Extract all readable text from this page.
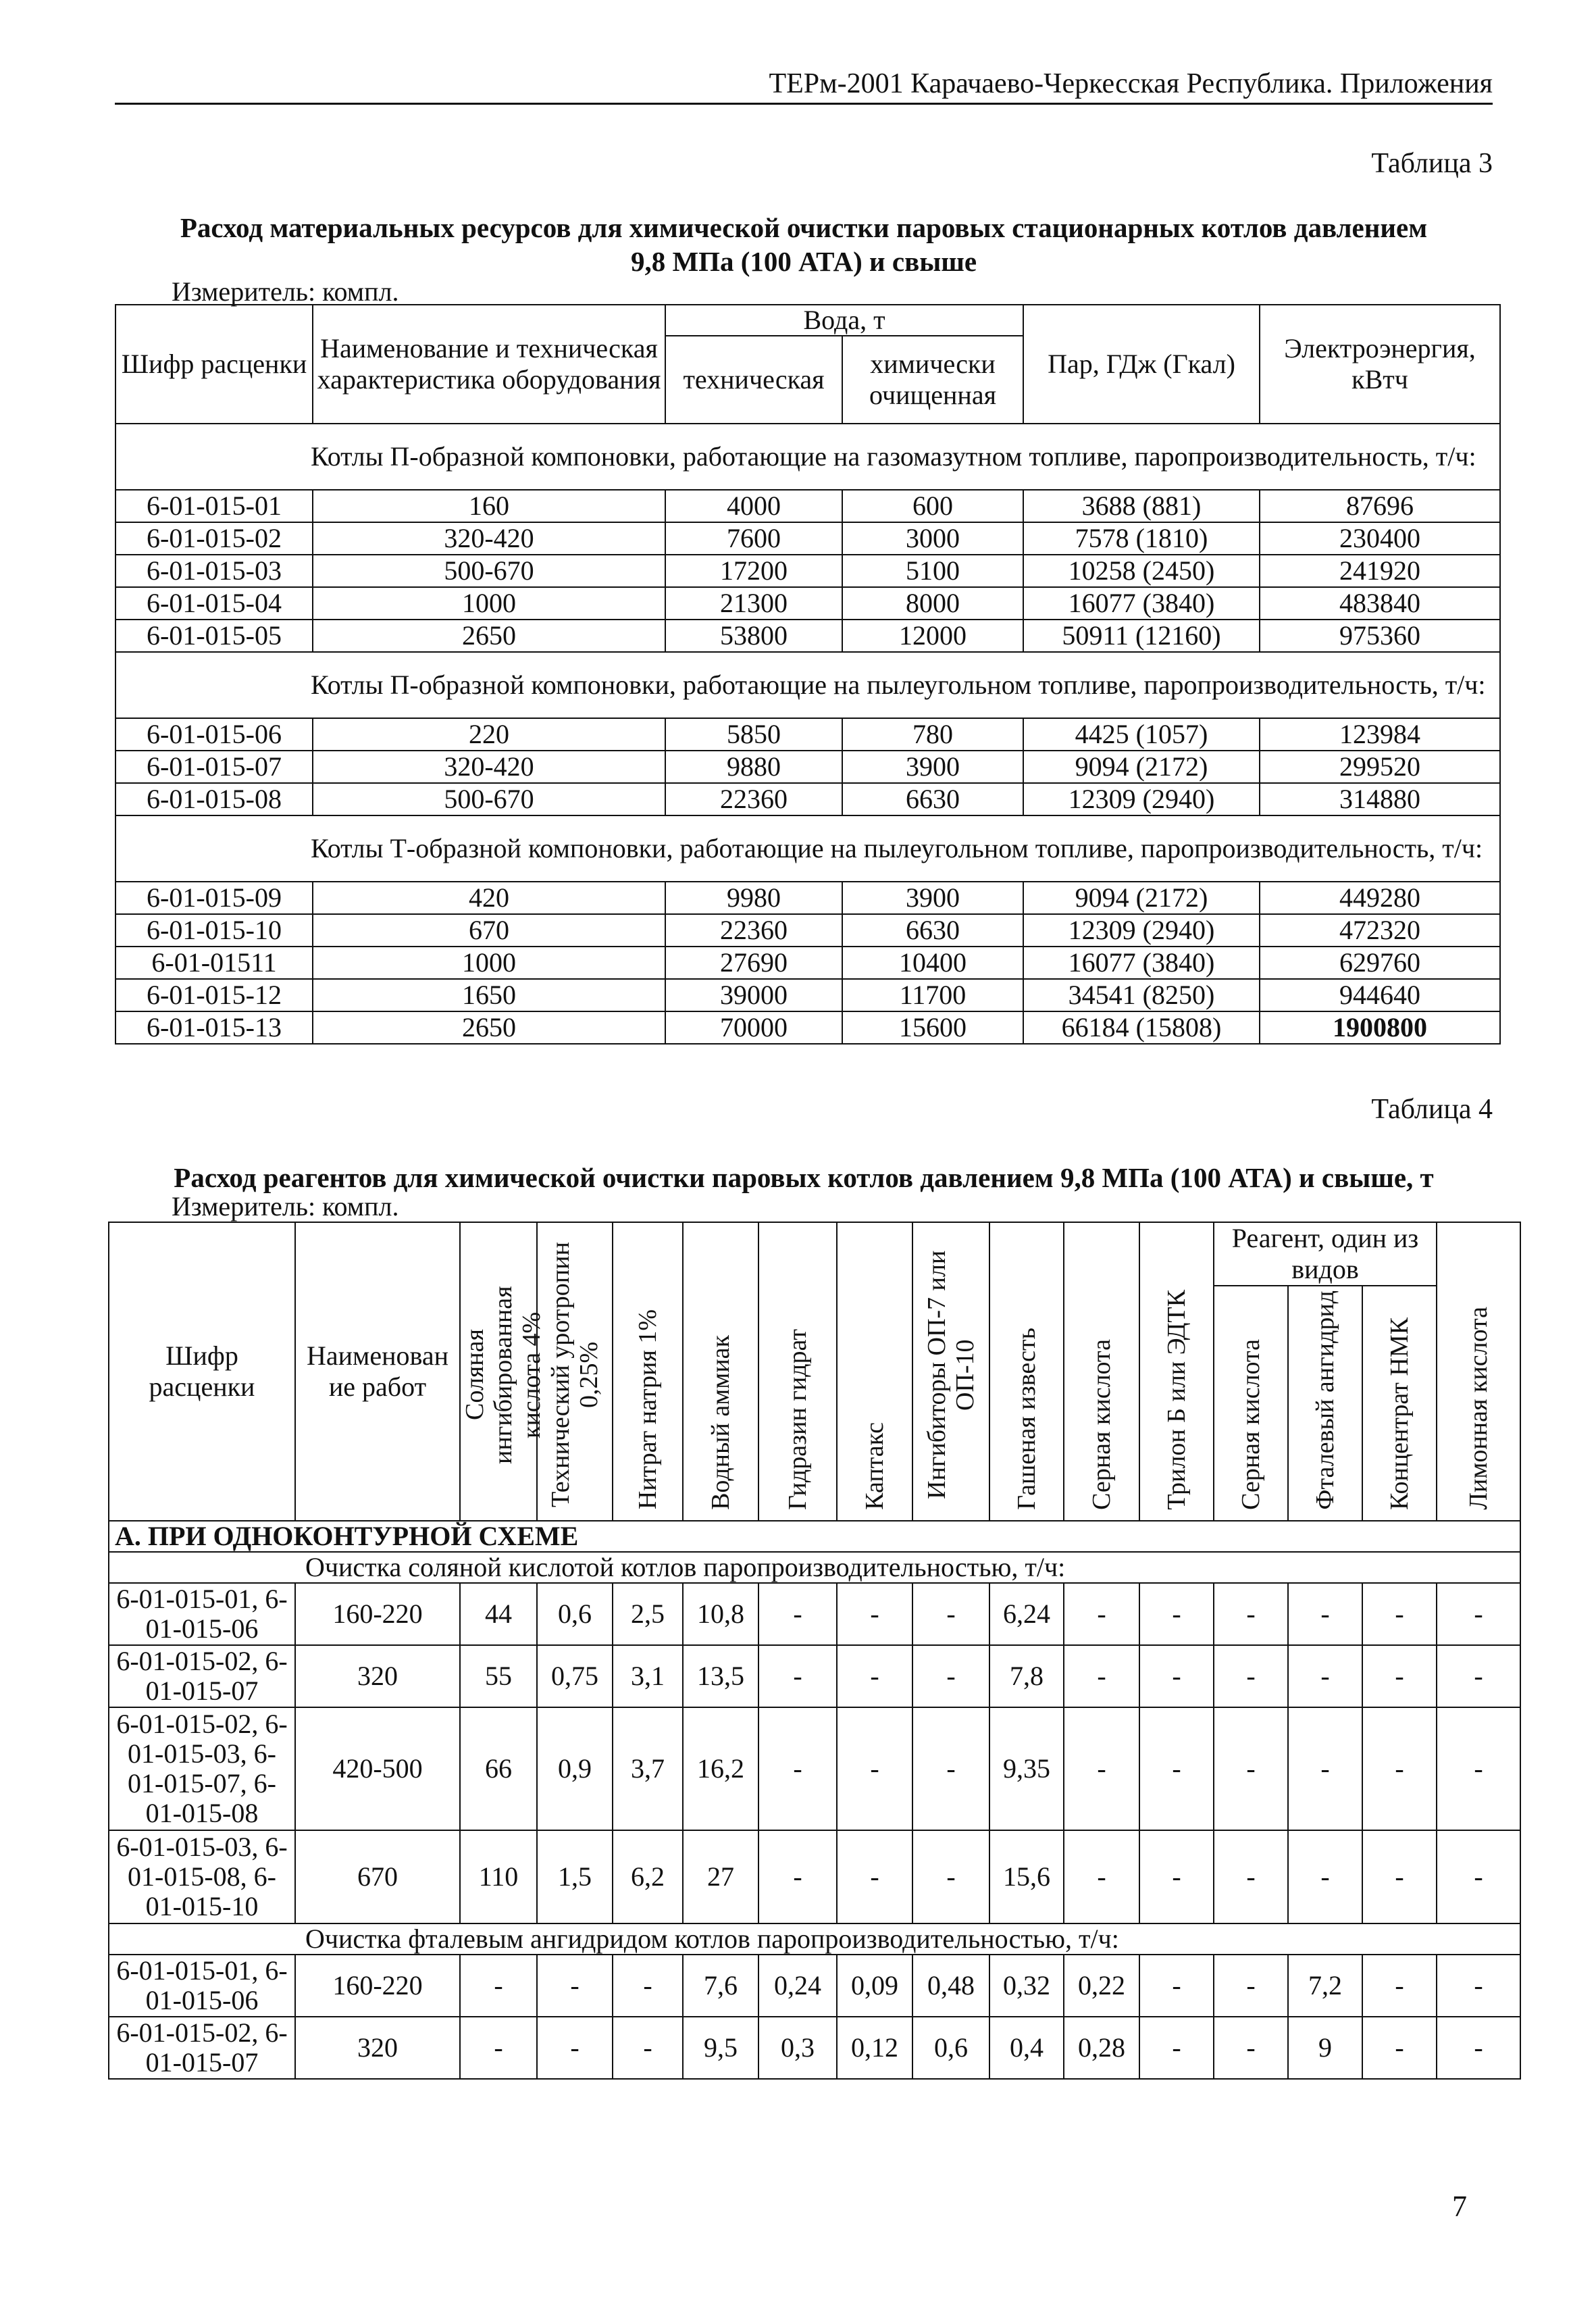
ТЕРм-2001 Карачаево-Черкесская Республика. Приложения
Таблица 3
Расход материальных ресурсов для химической очистки паровых стационарных котлов давлением
9,8 МПа (100 АТА) и свыше
Измеритель: компл.
Шифр расценки	Наименование и техническая характеристика оборудования	Вода, т		Пар, ГДж (Гкал)	Электроэнергия, кВтч
		техническая	химически очищенная		
Котлы П-образной компоновки, работающие на газомазутном топливе, паропроизводительность, т/ч:					
6-01-015-01	160	4000	600	3688 (881)	87696
6-01-015-02	320-420	7600	3000	7578 (1810)	230400
6-01-015-03	500-670	17200	5100	10258 (2450)	241920
6-01-015-04	1000	21300	8000	16077 (3840)	483840
6-01-015-05	2650	53800	12000	50911 (12160)	975360
Котлы П-образной компоновки, работающие на пылеугольном топливе, паропроизводительность, т/ч:					
6-01-015-06	220	5850	780	4425 (1057)	123984
6-01-015-07	320-420	9880	3900	9094 (2172)	299520
6-01-015-08	500-670	22360	6630	12309 (2940)	314880
Котлы Т-образной компоновки, работающие на пылеугольном топливе, паропроизводительность, т/ч:					
6-01-015-09	420	9980	3900	9094 (2172)	449280
6-01-015-10	670	22360	6630	12309 (2940)	472320
6-01-01511	1000	27690	10400	16077 (3840)	629760
6-01-015-12	1650	39000	11700	34541 (8250)	944640
6-01-015-13	2650	70000	15600	66184 (15808)	1900800
Таблица 4
Расход реагентов для химической очистки паровых котлов давлением 9,8 МПа (100 АТА) и свыше, т
Измеритель: компл.
Шифр расценки	Наименован ие работ	Соляная ингибированная кислота 4%	Технический уротропин 0,25%	Нитрат натрия 1%	Водный аммиак	Гидразин гидрат	Каптакс	Ингибиторы ОП-7 или ОП-10	Гашеная известь	Серная кислота	Трилон Б или ЭДТК	Реагент, один из видов			Лимонная кислота
												Серная кислота	Фталевый ангидрид	Концентрат НМК	
А. ПРИ ОДНОКОНТУРНОЙ СХЕМЕ															
Очистка соляной кислотой котлов паропроизводительностью, т/ч:															
6-01-015-01, 6-01-015-06	160-220	44	0,6	2,5	10,8	-	-	-	6,24	-	-	-	-	-	-
6-01-015-02, 6-01-015-07	320	55	0,75	3,1	13,5	-	-	-	7,8	-	-	-	-	-	-
6-01-015-02, 6-01-015-03, 6-01-015-07, 6-01-015-08	420-500	66	0,9	3,7	16,2	-	-	-	9,35	-	-	-	-	-	-
6-01-015-03, 6-01-015-08, 6-01-015-10	670	110	1,5	6,2	27	-	-	-	15,6	-	-	-	-	-	-
Очистка фталевым ангидридом котлов паропроизводительностью, т/ч:															
6-01-015-01, 6-01-015-06	160-220	-	-	-	7,6	0,24	0,09	0,48	0,32	0,22	-	-	7,2	-	-
6-01-015-02, 6-01-015-07	320	-	-	-	9,5	0,3	0,12	0,6	0,4	0,28	-	-	9	-	-
7
